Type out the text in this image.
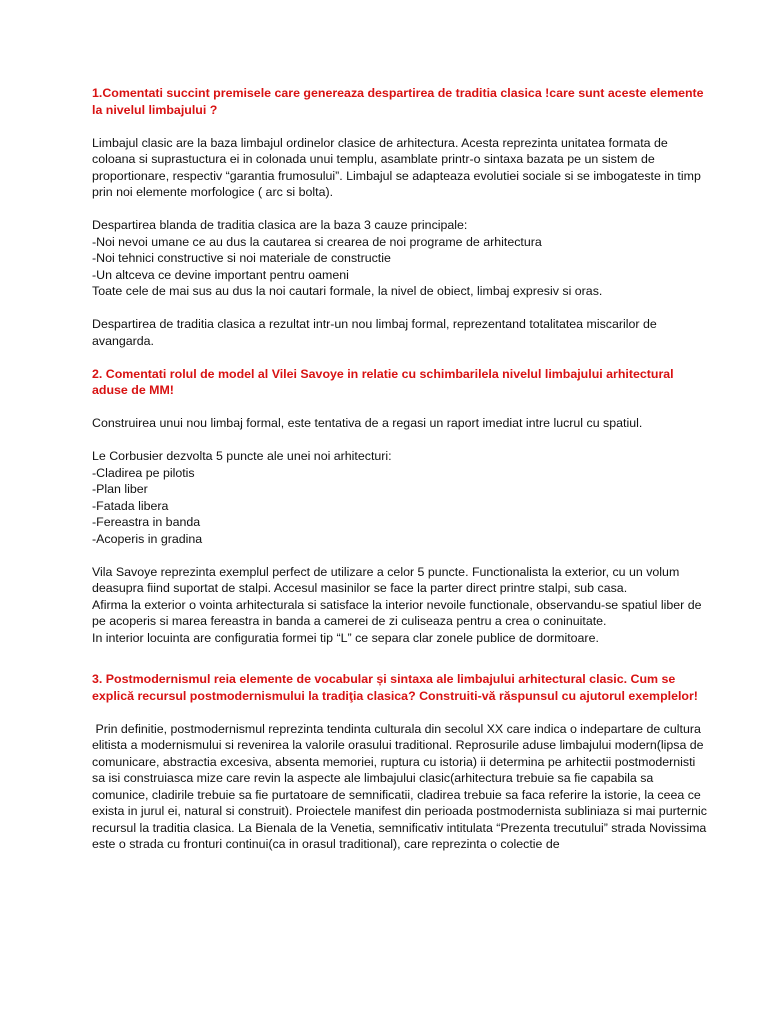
1.Comentati succint premisele care genereaza despartirea de traditia clasica !care sunt aceste elemente la nivelul limbajului ?

Limbajul clasic are la baza limbajul ordinelor clasice de arhitectura. Acesta reprezinta unitatea formata de coloana si suprastuctura ei in colonada unui templu, asamblate printr-o sintaxa bazata pe un sistem de proportionare, respectiv “garantia frumosului”. Limbajul se adapteaza evolutiei sociale si se imbogateste in timp prin noi elemente morfologice ( arc si bolta).

Despartirea blanda de traditia clasica are la baza 3 cauze principale:

-Noi nevoi umane ce au dus la cautarea si crearea de noi programe de arhitectura

-Noi tehnici constructive si noi materiale de constructie

-Un altceva ce devine important pentru oameni

Toate cele de mai sus au dus la noi cautari formale, la nivel de obiect, limbaj expresiv si oras.

Despartirea de traditia clasica a rezultat intr-un nou limbaj formal, reprezentand totalitatea miscarilor de avangarda.

2. Comentati rolul de model al Vilei Savoye in relatie cu schimbarilela nivelul limbajului arhitectural aduse de MM!

Construirea unui nou limbaj formal, este tentativa de a regasi un raport imediat intre lucrul cu spatiul.

Le Corbusier dezvolta 5 puncte ale unei noi arhitecturi:

-Cladirea pe pilotis

-Plan liber

-Fatada libera

-Fereastra in banda

-Acoperis in gradina

Vila Savoye reprezinta exemplul perfect de utilizare a celor 5 puncte. Functionalista la exterior, cu un volum deasupra fiind suportat de stalpi. Accesul masinilor se face la parter direct printre stalpi, sub casa.

Afirma la exterior o vointa arhitecturala si satisface la interior nevoile functionale, observandu-se spatiul liber de pe acoperis si marea fereastra in banda a camerei de zi culiseaza pentru a crea o coninuitate.

In interior locuinta are configuratia formei tip “L” ce separa clar zonele publice de dormitoare.

3. Postmodernismul reia elemente de vocabular și sintaxa ale limbajului arhitectural clasic. Cum se explică recursul postmodernismului la tradiţia clasica? Construiti-vă răspunsul cu ajutorul exemplelor!

Prin definitie, postmodernismul reprezinta tendinta culturala din secolul XX care indica o indepartare de cultura elitista a modernismului si revenirea la valorile orasului traditional. Reprosurile aduse limbajului modern(lipsa de comunicare, abstractia excesiva, absenta memoriei, ruptura cu istoria) ii determina pe arhitectii postmodernisti sa isi construiasca mize care revin la aspecte ale limbajului clasic(arhitectura trebuie sa fie capabila sa comunice, cladirile trebuie sa fie purtatoare de semnificatii, cladirea trebuie sa faca referire la istorie, la ceea ce exista in jurul ei, natural si construit). Proiectele manifest din perioada postmodernista subliniaza si mai purternic recursul la traditia clasica. La Bienala de la Venetia, semnificativ intitulata “Prezenta trecutului” strada Novissima este o strada cu fronturi continui(ca in orasul traditional), care reprezinta o colectie de
